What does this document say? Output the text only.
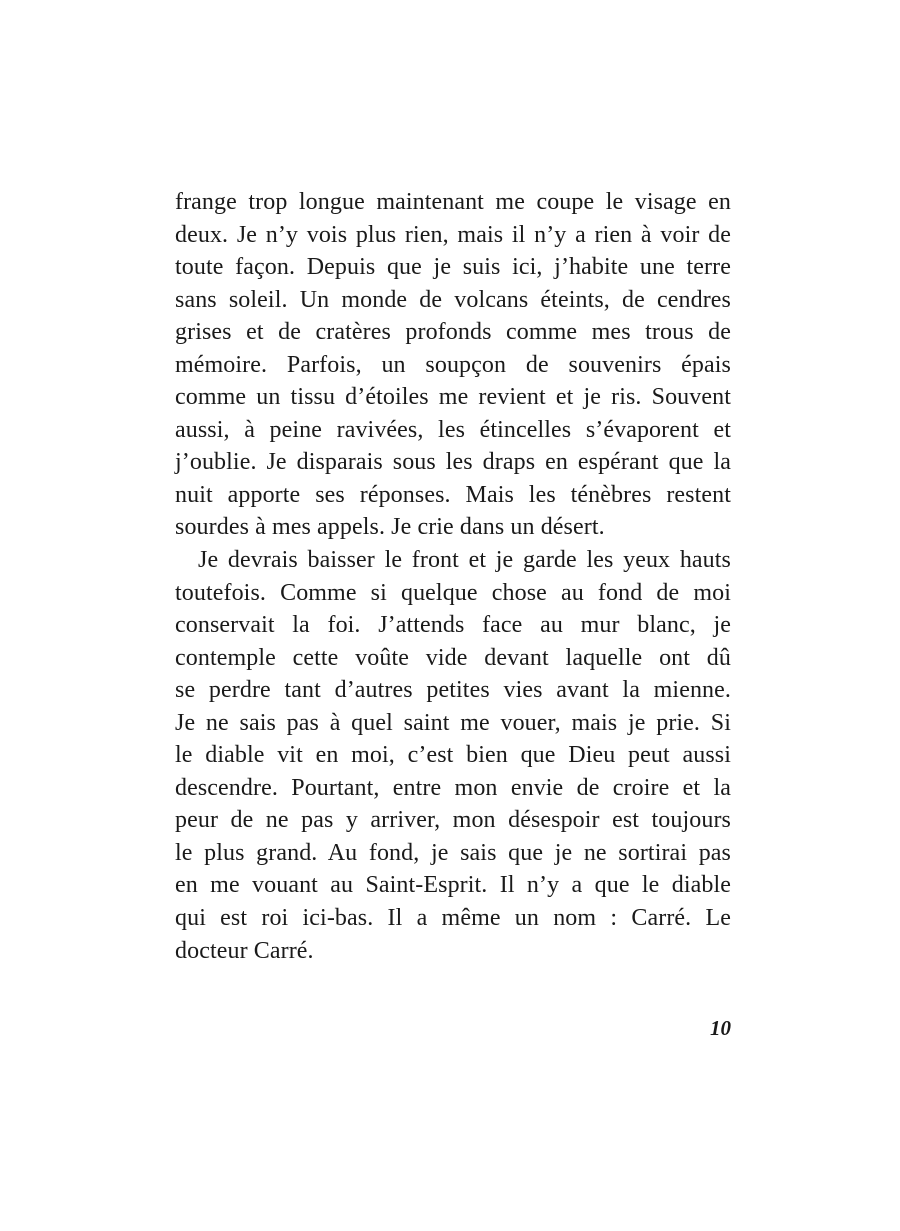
frange trop longue maintenant me coupe le visage en
deux. Je n’y vois plus rien, mais il n’y a rien à voir de
toute façon. Depuis que je suis ici, j’habite une terre
sans soleil. Un monde de volcans éteints, de cendres
grises et de cratères profonds comme mes trous de
mémoire. Parfois, un soupçon de souvenirs épais
comme un tissu d’étoiles me revient et je ris. Souvent
aussi, à peine ravivées, les étincelles s’évaporent et
j’oublie. Je disparais sous les draps en espérant que la
nuit apporte ses réponses. Mais les ténèbres restent
sourdes à mes appels. Je crie dans un désert.
Je devrais baisser le front et je garde les yeux hauts
toutefois. Comme si quelque chose au fond de moi
conservait la foi. J’attends face au mur blanc, je
contemple cette voûte vide devant laquelle ont dû
se perdre tant d’autres petites vies avant la mienne.
Je ne sais pas à quel saint me vouer, mais je prie. Si
le diable vit en moi, c’est bien que Dieu peut aussi
descendre. Pourtant, entre mon envie de croire et la
peur de ne pas y arriver, mon désespoir est toujours
le plus grand. Au fond, je sais que je ne sortirai pas
en me vouant au Saint-Esprit. Il n’y a que le diable
qui est roi ici-bas. Il a même un nom : Carré. Le
docteur Carré.
10
